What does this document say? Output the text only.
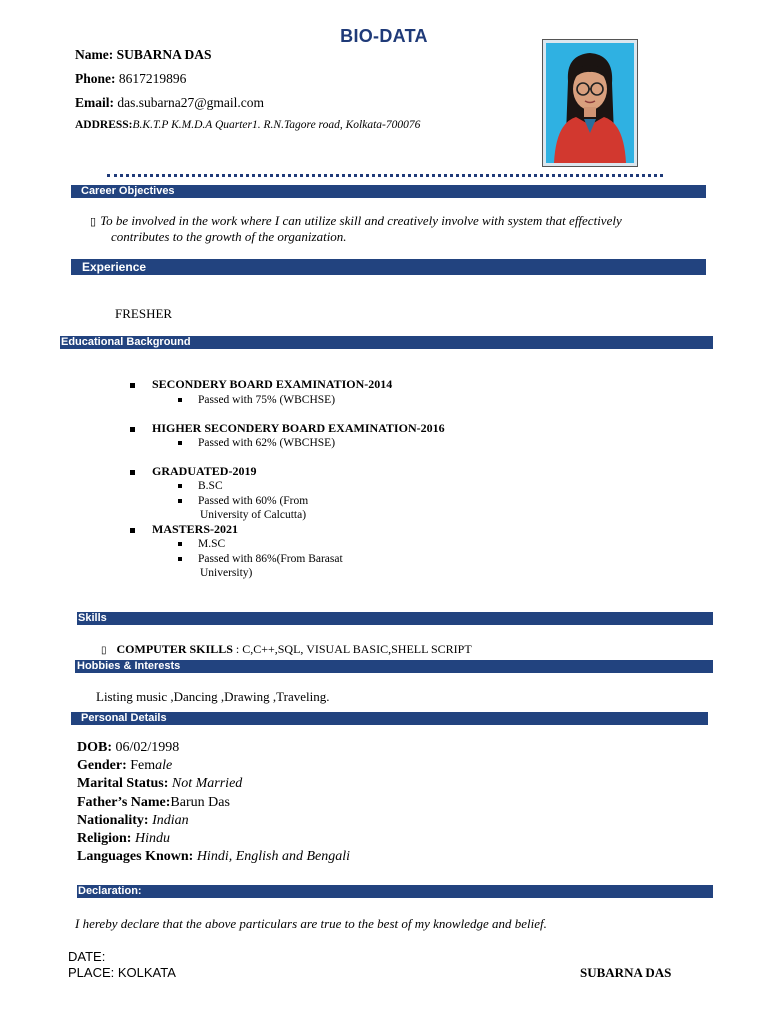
BIO-DATA
Name: SUBARNA DAS
Phone: 8617219896
Email: das.subarna27@gmail.com
ADDRESS:B.K.T.P K.M.D.A Quarter1. R.N.Tagore road, Kolkata-700076
Career Objectives
▯ To be involved in the work where I can utilize skill and creatively involve with system that effectively
contributes to the growth of the organization.
Experience
FRESHER
Educational Background
SECONDERY BOARD EXAMINATION-2014
Passed with 75% (WBCHSE)
HIGHER SECONDERY BOARD EXAMINATION-2016
Passed with 62% (WBCHSE)
GRADUATED-2019
B.SC
Passed with 60% (From
University of Calcutta)
MASTERS-2021
M.SC
Passed with 86%(From Barasat
University)
Skills
▯ COMPUTER SKILLS : C,C++,SQL, VISUAL BASIC,SHELL SCRIPT
Hobbies & Interests
Listing music ,Dancing ,Drawing ,Traveling.
Personal Details
DOB: 06/02/1998
Gender: Female
Marital Status: Not Married
Father’s Name:Barun Das
Nationality: Indian
Religion: Hindu
Languages Known: Hindi, English and Bengali
Declaration:
I hereby declare that the above particulars are true to the best of my knowledge and belief.
DATE:
PLACE: KOLKATA	SUBARNA DAS
